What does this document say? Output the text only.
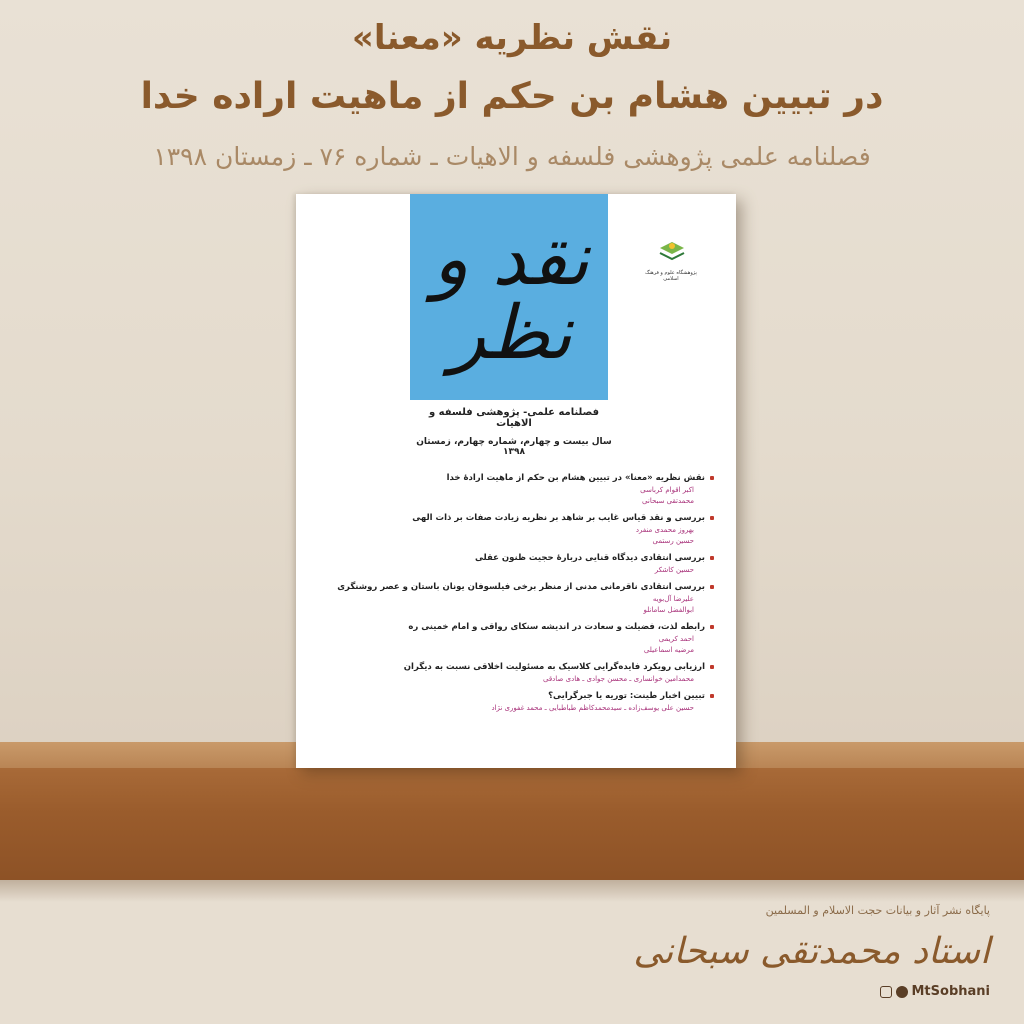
نقش نظریه «معنا»
در تبیین هشام بن حکم از ماهیت اراده خدا

فصلنامه علمی پژوهشی فلسفه و الاهیات ـ شماره ۷۶ ـ زمستان ۱۳۹۸

نقد و نظر
پژوهشگاه علوم و فرهنگ اسلامی
فصلنامه علمی- پژوهشی فلسفه و الاهیات
سال بیست و چهارم، شماره چهارم، زمستان ۱۳۹۸
نقش نظریه «معنا» در تبیین هشام بن حکم از ماهیت ارادهٔ خدا
اکبر اقوام کرباسی
محمدتقی سبحانی
بررسی و نقد قیاس غایب بر شاهد بر نظریه زیادت صفات بر ذات الهی
بهروز محمدی منفرد
حسین رستمی
بررسی انتقادی دیدگاه قنایی دربارهٔ حجیت ظنون عقلی
حسین کاشکر
بررسی انتقادی ناقرمانی مدنی از منظر برخی فیلسوفان یونان باستان و عصر روشنگری
علیرضا آل‌بویه
ابوالفضل سامانلو
رابطه لذت، فضیلت و سعادت در اندیشه سنکای رواقی و امام خمینی ره
احمد کریمی
مرضیه اسماعیلی
ارزیابی رویکرد فایده‌گرایی کلاسیک به مسئولیت اخلاقی نسبت به دیگران
محمدامین خوانساری ـ محسن جوادی ـ هادی صادقی
تبیین اخبار طینت: توریه یا جبرگرایی؟
حسین علی یوسف‌زاده ـ سیدمحمدکاظم طباطبایی ـ محمد غفوری نژاد

پایگاه نشر آثار و بیانات حجت الاسلام و المسلمین

استاد محمدتقی سبحانی
MtSobhani
